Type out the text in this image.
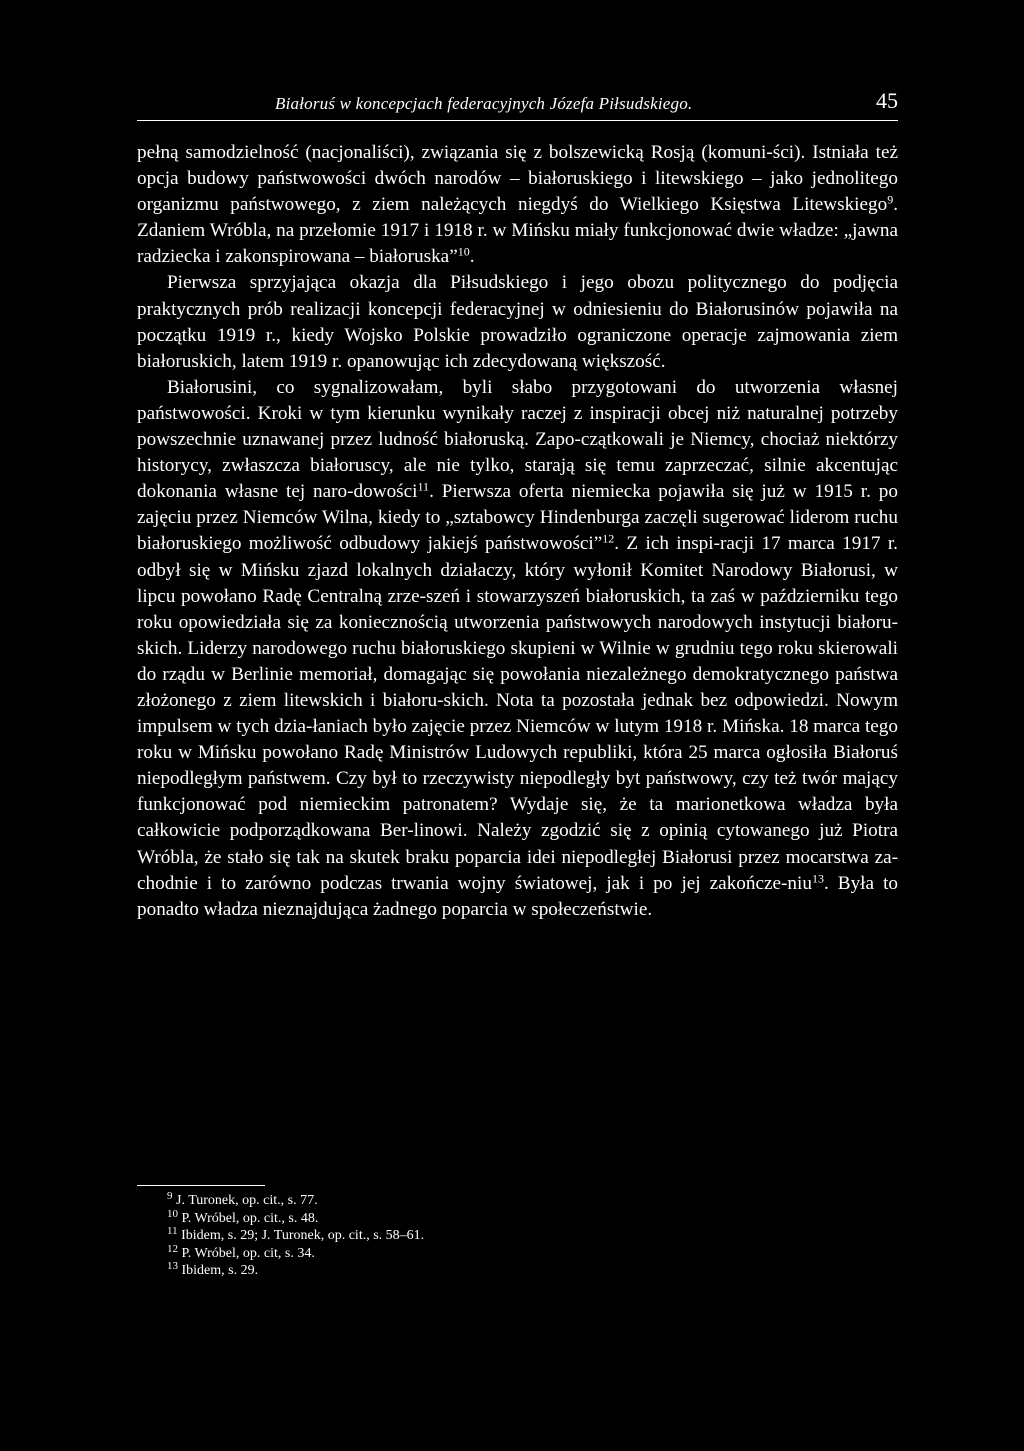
Białoruś w koncepcjach federacyjnych Józefa Piłsudskiego.	45

pełną samodzielność (nacjonaliści), związania się z bolszewicką Rosją (komuni-ści). Istniała też opcja budowy państwowości dwóch narodów – białoruskiego i litewskiego – jako jednolitego organizmu państwowego, z ziem należących niegdyś do Wielkiego Księstwa Litewskiego$^9$. Zdaniem Wróbla, na przełomie 1917 i 1918 r. w Mińsku miały funkcjonować dwie władze: „jawna radziecka i zakonspirowana – białoruska”$^{10}$.

Pierwsza sprzyjająca okazja dla Piłsudskiego i jego obozu politycznego do podjęcia praktycznych prób realizacji koncepcji federacyjnej w odniesieniu do Białorusinów pojawiła na początku 1919 r., kiedy Wojsko Polskie prowadziło ograniczone operacje zajmowania ziem białoruskich, latem 1919 r. opanowując ich zdecydowaną większość.

Białorusini, co sygnalizowałam, byli słabo przygotowani do utworzenia własnej państwowości. Kroki w tym kierunku wynikały raczej z inspiracji obcej niż naturalnej potrzeby powszechnie uznawanej przez ludność białoruską. Zapo-czątkowali je Niemcy, chociaż niektórzy historycy, zwłaszcza białoruscy, ale nie tylko, starają się temu zaprzeczać, silnie akcentując dokonania własne tej naro-dowości$^{11}$. Pierwsza oferta niemiecka pojawiła się już w 1915 r. po zajęciu przez Niemców Wilna, kiedy to „sztabowcy Hindenburga zaczęli sugerować liderom ruchu białoruskiego możliwość odbudowy jakiejś państwowości”$^{12}$. Z ich inspi-racji 17 marca 1917 r. odbył się w Mińsku zjazd lokalnych działaczy, który wyłonił Komitet Narodowy Białorusi, w lipcu powołano Radę Centralną zrze-szeń i stowarzyszeń białoruskich, ta zaś w październiku tego roku opowiedziała się za koniecznością utworzenia państwowych narodowych instytucji białoru-skich. Liderzy narodowego ruchu białoruskiego skupieni w Wilnie w grudniu tego roku skierowali do rządu w Berlinie memoriał, domagając się powołania niezależnego demokratycznego państwa złożonego z ziem litewskich i białoru-skich. Nota ta pozostała jednak bez odpowiedzi. Nowym impulsem w tych dzia-łaniach było zajęcie przez Niemców w lutym 1918 r. Mińska. 18 marca tego roku w Mińsku powołano Radę Ministrów Ludowych republiki, która 25 marca ogłosiła Białoruś niepodległym państwem. Czy był to rzeczywisty niepodległy byt państwowy, czy też twór mający funkcjonować pod niemieckim patronatem? Wydaje się, że ta marionetkowa władza była całkowicie podporządkowana Ber-linowi. Należy zgodzić się z opinią cytowanego już Piotra Wróbla, że stało się tak na skutek braku poparcia idei niepodległej Białorusi przez mocarstwa za-chodnie i to zarówno podczas trwania wojny światowej, jak i po jej zakończe-niu$^{13}$. Była to ponadto władza nieznajdująca żadnego poparcia w społeczeństwie.

$^9$ J. Turonek, op. cit., s. 77.
$^{10}$ P. Wróbel, op. cit., s. 48.
$^{11}$ Ibidem, s. 29; J. Turonek, op. cit., s. 58–61.
$^{12}$ P. Wróbel, op. cit, s. 34.
$^{13}$ Ibidem, s. 29.
